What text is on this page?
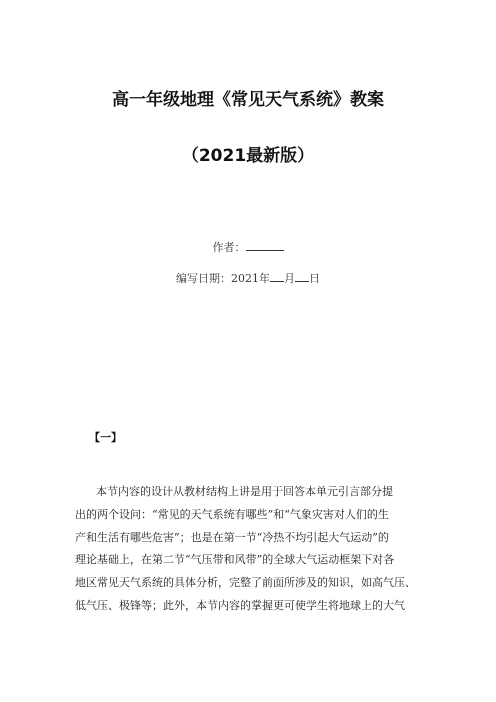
高一年级地理《常见天气系统》教案
（2021最新版）
作者：
编写日期：2021年 月 日
【一】
本节内容的设计从教材结构上讲是用于回答本单元引言部分提
出的两个设问：“常见的天气系统有哪些”和“气象灾害对人们的生
产和生活有哪些危害”；也是在第一节“冷热不均引起大气运动”的
理论基础上，在第二节“气压带和风带”的全球大气运动框架下对各
地区常见天气系统的具体分析，完整了前面所涉及的知识，如高气压、
低气压、极锋等；此外，本节内容的掌握更可使学生将地球上的大气
